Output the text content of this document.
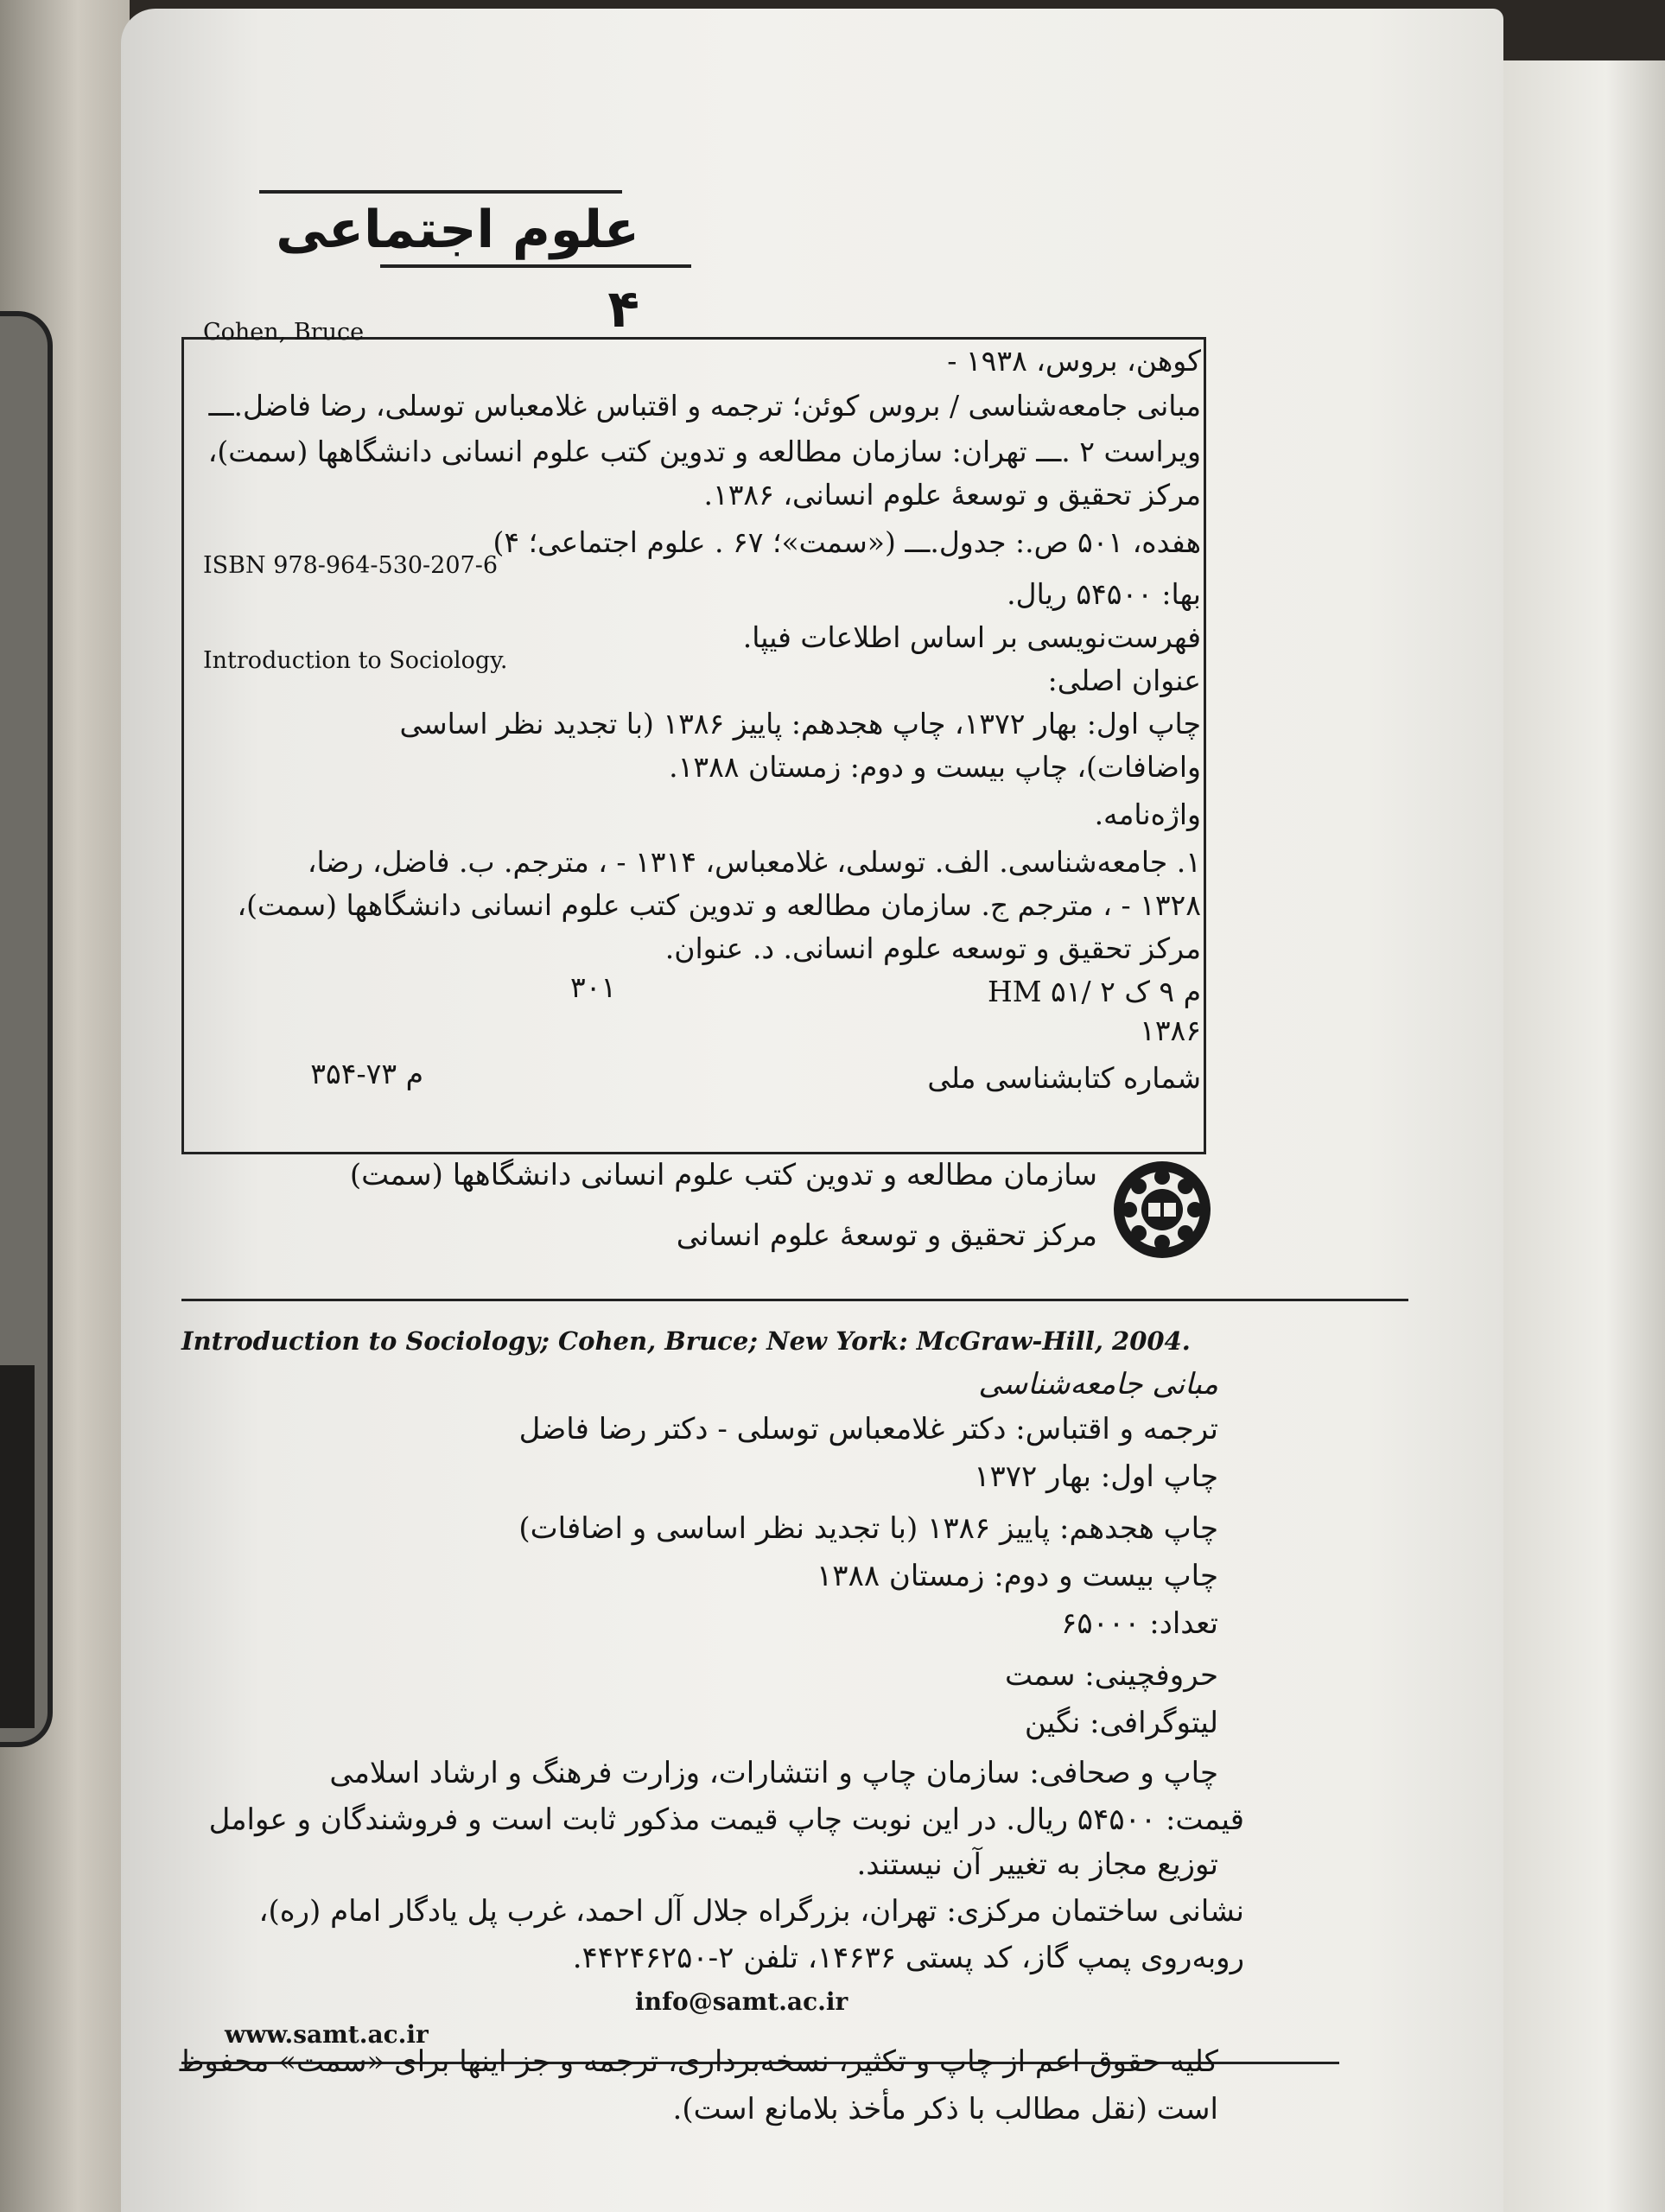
علوم اجتماعی ۴
Cohen, Bruce
کوهن، بروس، ۱۹۳۸ -
مبانی جامعه‌شناسی / بروس کوئن؛ ترجمه و اقتباس غلامعباس توسلی، رضا فاضل.ـــ
ویراست ۲ .ـــ تهران: سازمان مطالعه و تدوین کتب علوم انسانی دانشگاهها (سمت)،
مرکز تحقیق و توسعهٔ علوم انسانی، ۱۳۸۶.
هفده، ۵۰۱ ص.: جدول.ـــ («سمت»؛ ۶۷ . علوم اجتماعی؛ ۴)
ISBN 978-964-530-207-6
بها: ۵۴۵۰۰ ریال.
فهرست‌نویسی بر اساس اطلاعات فیپا.
Introduction to Sociology.
عنوان اصلی:
چاپ اول: بهار ۱۳۷۲، چاپ هجدهم: پاییز ۱۳۸۶ (با تجدید نظر اساسی
واضافات)، چاپ بیست و دوم: زمستان ۱۳۸۸.
واژه‌نامه.
۱. جامعه‌شناسی. الف. توسلی، غلامعباس، ۱۳۱۴ - ، مترجم. ب. فاضل، رضا،
۱۳۲۸ - ، مترجم ج. سازمان مطالعه و تدوین کتب علوم انسانی دانشگاهها (سمت)،
مرکز تحقیق و توسعه علوم انسانی. د. عنوان.
HM ۵۱/ ۲ م ۹ ک
۳۰۱
۱۳۸۶
شماره کتابشناسی ملی
م ۷۳-۳۵۴
سازمان مطالعه و تدوین کتب علوم انسانی دانشگاهها (سمت)
مرکز تحقیق و توسعهٔ علوم انسانی
Introduction to Sociology; Cohen, Bruce; New York: McGraw-Hill, 2004.
مبانی جامعه‌شناسی
ترجمه و اقتباس: دکتر غلامعباس توسلی - دکتر رضا فاضل
چاپ اول: بهار ۱۳۷۲
چاپ هجدهم: پاییز ۱۳۸۶ (با تجدید نظر اساسی و اضافات)
چاپ بیست و دوم: زمستان ۱۳۸۸
تعداد: ۶۵۰۰۰
حروفچینی: سمت
لیتوگرافی: نگین
چاپ و صحافی: سازمان چاپ و انتشارات، وزارت فرهنگ و ارشاد اسلامی
قیمت: ۵۴۵۰۰ ریال. در این نوبت چاپ قیمت مذکور ثابت است و فروشندگان و عوامل
توزیع مجاز به تغییر آن نیستند.
نشانی ساختمان مرکزی: تهران، بزرگراه جلال آل احمد، غرب پل یادگار امام (ره)،
روبه‌روی پمپ گاز، کد پستی ۱۴۶۳۶، تلفن ۲-۴۴۲۴۶۲۵۰.
info@samt.ac.ir
www.samt.ac.ir
کلیه حقوق اعم از چاپ و تکثیر، نسخه‌برداری، ترجمه و جز اینها برای «سمت» محفوظ
است (نقل مطالب با ذکر مأخذ بلامانع است).
